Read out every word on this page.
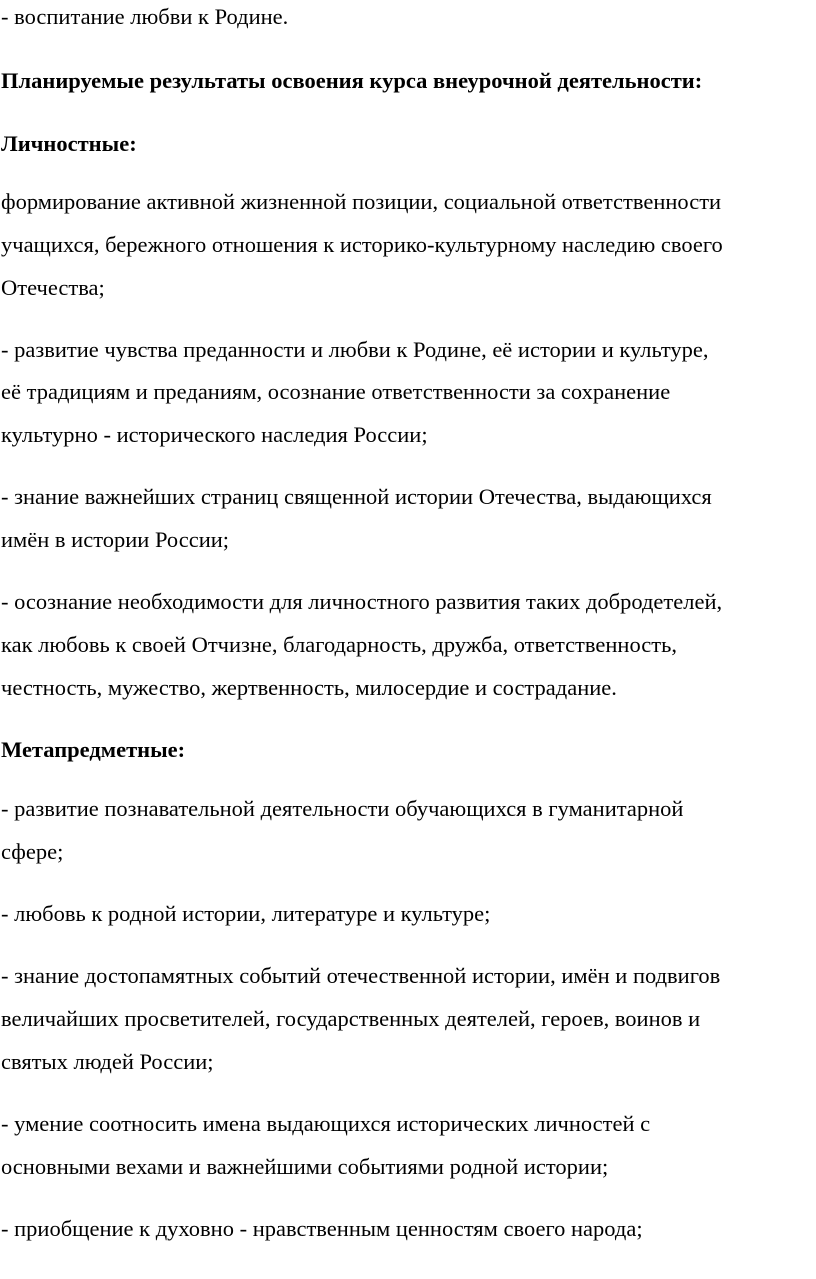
- воспитание любви к Родине.
Планируемые результаты освоения курса внеурочной деятельности:
Личностные:
формирование активной жизненной позиции, социальной ответственности
учащихся, бережного отношения к историко-культурному наследию своего
Отечества;
- развитие чувства преданности и любви к Родине, её истории и культуре,
её традициям и преданиям, осознание ответственности за сохранение
культурно - исторического наследия России;
- знание важнейших страниц священной истории Отечества, выдающихся
имён в истории России;
- осознание необходимости для личностного развития таких добродетелей,
как любовь к своей Отчизне, благодарность, дружба, ответственность,
честность, мужество, жертвенность, милосердие и сострадание.
Метапредметные:
- развитие познавательной деятельности обучающихся в гуманитарной
сфере;
- любовь к родной истории, литературе и культуре;
- знание достопамятных событий отечественной истории, имён и подвигов
величайших просветителей, государственных деятелей, героев, воинов и
святых людей России;
- умение соотносить имена выдающихся исторических личностей с
основными вехами и важнейшими событиями родной истории;
- приобщение к духовно - нравственным ценностям своего народа;
